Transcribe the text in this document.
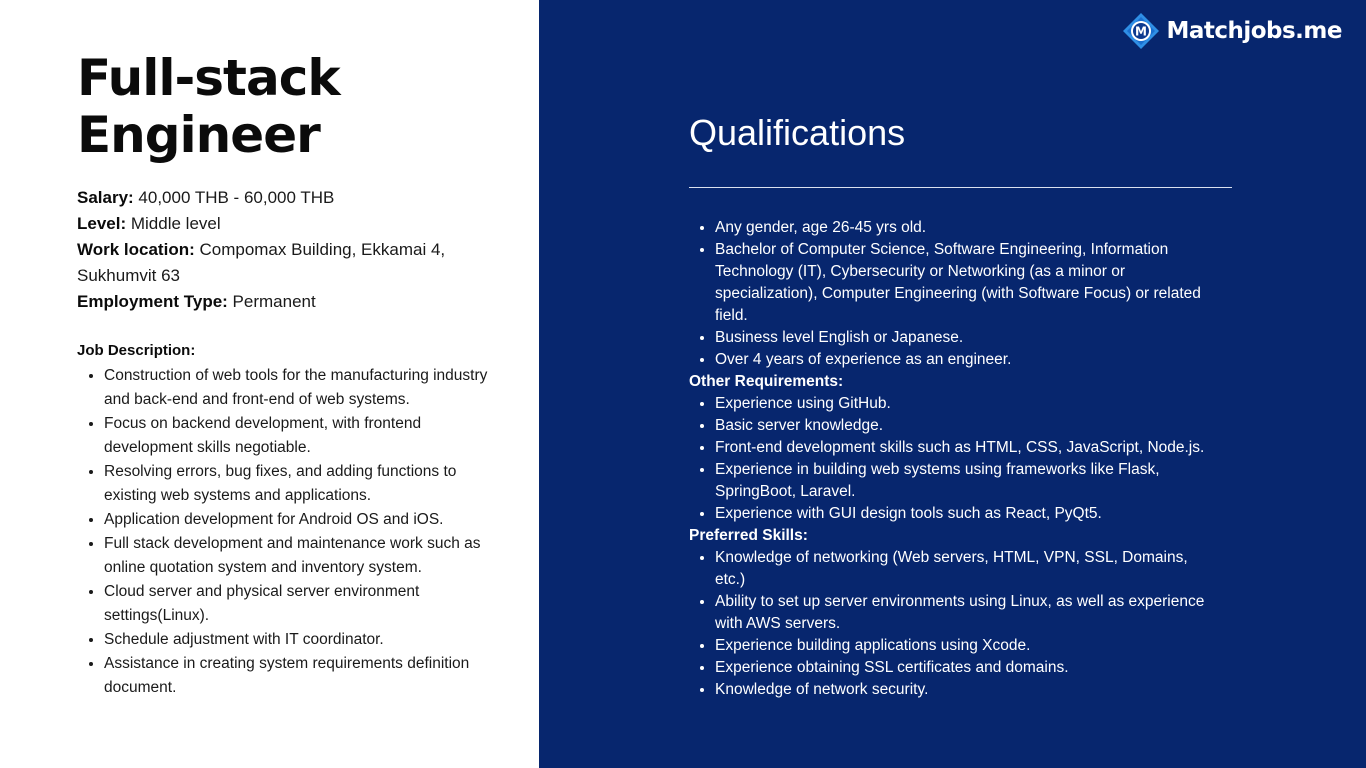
Full-stack Engineer

Salary: 40,000 THB - 60,000 THB

Level: Middle level

Work location: Compomax Building, Ekkamai 4, Sukhumvit 63

Employment Type: Permanent

Job Description:

• Construction of web tools for the manufacturing industry and back-end and front-end of web systems.
• Focus on backend development, with frontend development skills negotiable.
• Resolving errors, bug fixes, and adding functions to existing web systems and applications.
• Application development for Android OS and iOS.
• Full stack development and maintenance work such as online quotation system and inventory system.
• Cloud server and physical server environment settings(Linux).
• Schedule adjustment with IT coordinator.
• Assistance in creating system requirements definition document.
M Matchjobs.me
Qualifications
• Any gender, age 26-45 yrs old.
• Bachelor of Computer Science, Software Engineering, Information Technology (IT), Cybersecurity or Networking (as a minor or specialization), Computer Engineering (with Software Focus) or related field.
• Business level English or Japanese.
• Over 4 years of experience as an engineer.

Other Requirements:

• Experience using GitHub.
• Basic server knowledge.
• Front-end development skills such as HTML, CSS, JavaScript, Node.js.
• Experience in building web systems using frameworks like Flask, SpringBoot, Laravel.
• Experience with GUI design tools such as React, PyQt5.

Preferred Skills:

• Knowledge of networking (Web servers, HTML, VPN, SSL, Domains, etc.)
• Ability to set up server environments using Linux, as well as experience with AWS servers.
• Experience building applications using Xcode.
• Experience obtaining SSL certificates and domains.
• Knowledge of network security.
